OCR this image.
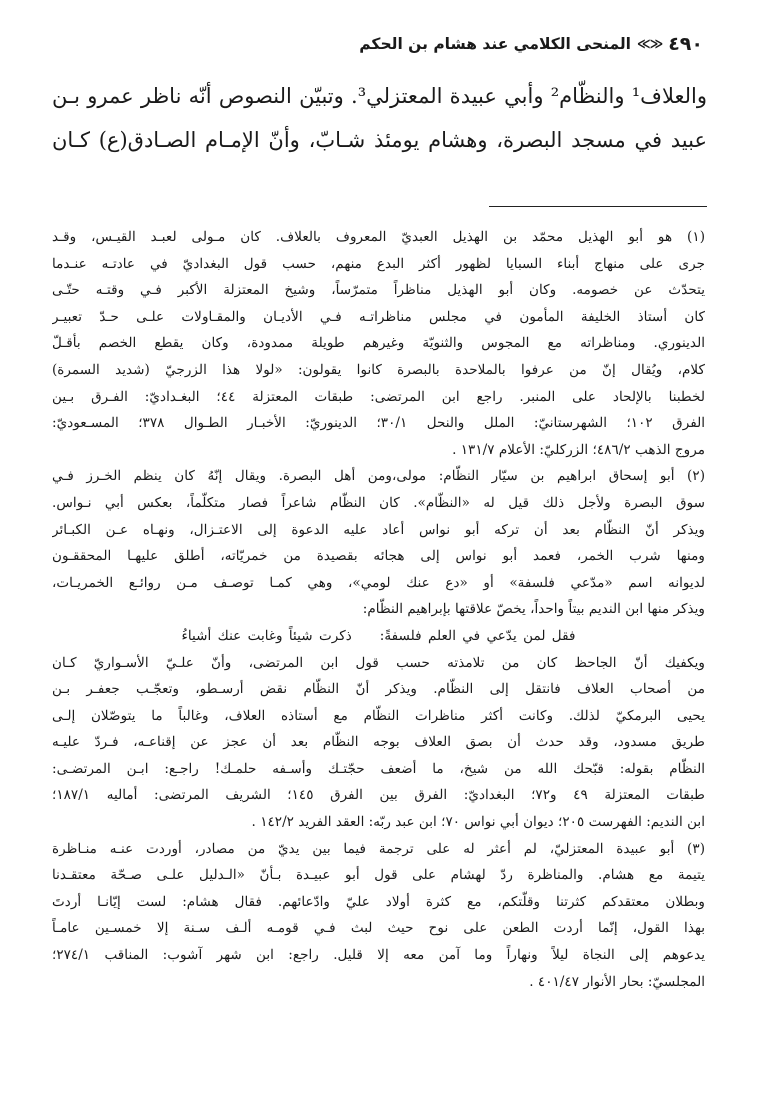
٤٩٠
≪≫
المنحى الكلامي عند هشام بن الحكم
والعلاف¹ والنظّام² وأبي عبيدة المعتزلي³. وتبيّن النصوص أنّه ناظر عمرو بـن
عبيد في مسجد البصرة، وهشام يومئذ شـابّ، وأنّ الإمـام الصـادق(ع) كـان
(١) هو أبو الهذيل محمّد بن الهذيل العبديّ المعروف بالعلاف. كان مـولى لعبـد القيـس، وقـد
جرى على منهاج أبناء السبايا لظهور أكثر البدع منهم، حسب قول البغداديّ في عادتـه عنـدما
يتحدّث عن خصومه. وكان أبو الهذيل مناظراً متمرّساً، وشيخ المعتزلة الأكبر فـي وقتـه حتّـى
كان أستاذ الخليفة المأمون في مجلس مناظراتـه فـي الأديـان والمقـاولات علـى حـدّ تعبيـر
الدينوري. ومناظراته مع المجوس والثنويّة وغيرهم طويلة ممدودة، وكان يقطع الخصم بأقـلّ
كلام، ويُقال إنّ من عرفوا بالملاحدة بالبصرة كانوا يقولون: «لولا هذا الزرجيّ (شديد السمرة)
لخطبنا بالإلحاد على المنبر. راجع ابن المرتضى: طبقات المعتزلة ٤٤؛ البغـداديّ: الفـرق بـين
الفرق ١٠٢؛ الشهرستانيّ: الملل والنحل ٣٠/١؛ الدينوريّ: الأخبـار الطـوال ٣٧٨؛ المسـعوديّ:
مروج الذهب ٤٨٦/٢؛ الزركليّ: الأعلام ١٣١/٧ .
(٢) أبو إسحاق ابراهيم بن سيّار النظّام: مولى،ومن أهل البصرة. ويقال إنّهُ كان ينظم الخـرز فـي
سوق البصرة ولأجل ذلك قيل له «النظّام». كان النظّام شاعراً فصار متكلّماً، بعكس أبي نـواس.
ويذكر أنّ النظّام بعد أن تركه أبو نواس أعاد عليه الدعوة إلى الاعتـزال، ونهـاه عـن الكبـائر
ومنها شرب الخمر، فعمد أبو نواس إلى هجائه بقصيدة من خمريّاته، أطلق عليهـا المحققـون
لديوانه اسم «مدّعي فلسفة» أو «دع عنك لومي»، وهي كمـا توصـف مـن روائـع الخمريـات،
ويذكر منها ابن النديم بيتاً واحداً، يخصّ علاقتها بإبراهيم النظّام:
فقل لمن يدّعي في العلم فلسفةً:ذكرت شيئاً وغابت عنك أشياءُ
ويكفيك أنّ الجاحظ كان من تلامذته حسب قول ابن المرتضى، وأنّ علـيّ الأسـواريّ كـان
من أصحاب العلاف فانتقل إلى النظّام. ويذكر أنّ النظّام نقض أرسـطو، وتعجّـب جعفـر بـن
يحيى البرمكيّ لذلك. وكانت أكثر مناظرات النظّام مع أستاذه العلاف، وغالباً ما يتوصّلان إلـى
طريق مسدود، وقد حدث أن بصق العلاف بوجه النظّام بعد أن عجز عن إقناعـه، فـردّ عليـه
النظّام بقوله: قبّحك الله من شيخ، ما أضعف حجّتـك وأسـفه حلمـك! راجـع: ابـن المرتضـى:
طبقات المعتزلة ٤٩ و٧٢؛ البغداديّ: الفرق بين الفرق ١٤٥؛ الشريف المرتضى: أماليه ١٨٧/١؛
ابن النديم: الفهرست ٢٠٥؛ ديوان أبي نواس ٧٠؛ ابن عبد ربّه: العقد الفريد ١٤٢/٢ .
(٣) أبو عبيدة المعتزليّ، لم أعثر له على ترجمة فيما بين يديّ من مصادر، أوردت عنـه منـاظرة
يتيمة مع هشام. والمناظرة ردّ لهشام على قول أبو عبيـدة بـأنّ «الـدليل علـى صـحّة معتقـدنا
وبطلان معتقدكم كثرتنا وقلّتكم، مع كثرة أولاد عليّ وادّعائهم. فقال هشام: لست إيّانـا أردتَ
بهذا القول، إنّما أردت الطعن على نوح حيث لبث فـي قومـه ألـف سـنة إلا خمسـين عامـاً
يدعوهم إلى النجاة ليلاً ونهاراً وما آمن معه إلا قليل. راجع: ابن شهر آشوب: المناقب ٢٧٤/١؛
المجلسيّ: بحار الأنوار ٤٠١/٤٧ .
